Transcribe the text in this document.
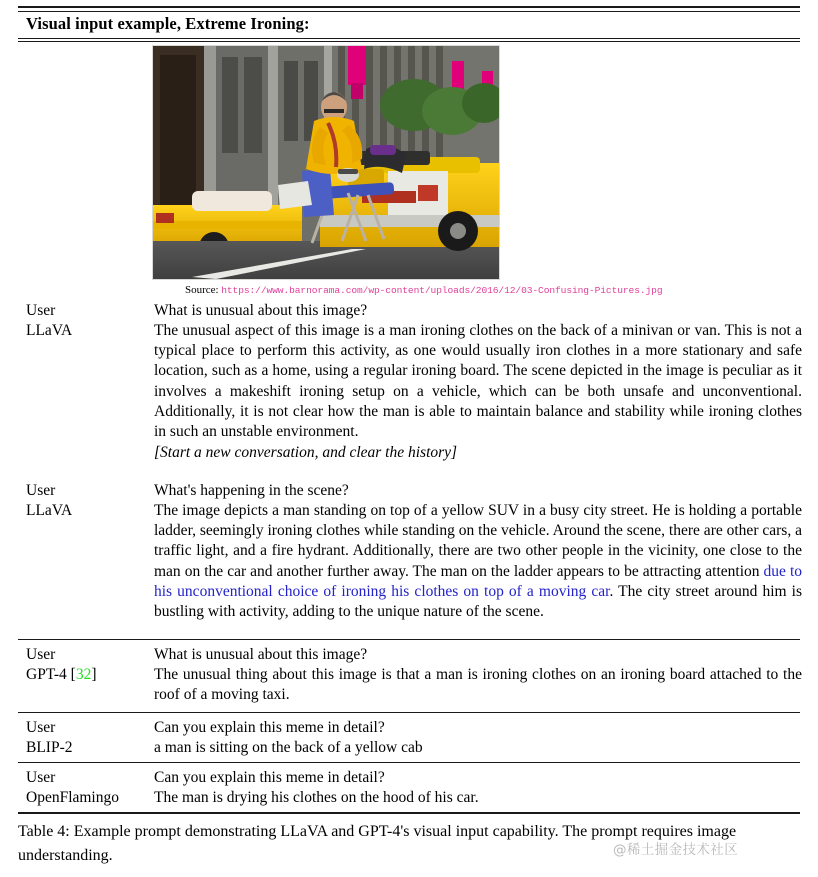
Visual input example, Extreme Ironing:
Source: https://www.barnorama.com/wp-content/uploads/2016/12/03-Confusing-Pictures.jpg
User	What is unusual about this image?
LLaVA	The unusual aspect of this image is a man ironing clothes on the back of a minivan or van. This is not a typical place to perform this activity, as one would usually iron clothes in a more stationary and safe location, such as a home, using a regular ironing board. The scene depicted in the image is peculiar as it involves a makeshift ironing setup on a vehicle, which can be both unsafe and unconventional. Additionally, it is not clear how the man is able to maintain balance and stability while ironing clothes in such an unstable environment.
[Start a new conversation, and clear the history]
User	What's happening in the scene?
LLaVA	The image depicts a man standing on top of a yellow SUV in a busy city street. He is holding a portable ladder, seemingly ironing clothes while standing on the vehicle. Around the scene, there are other cars, a traffic light, and a fire hydrant. Additionally, there are two other people in the vicinity, one close to the man on the car and another further away. The man on the ladder appears to be attracting attention due to his unconventional choice of ironing his clothes on top of a moving car. The city street around him is bustling with activity, adding to the unique nature of the scene.
User	What is unusual about this image?
GPT-4 [32]	The unusual thing about this image is that a man is ironing clothes on an ironing board attached to the roof of a moving taxi.
User	Can you explain this meme in detail?
BLIP-2	a man is sitting on the back of a yellow cab
User	Can you explain this meme in detail?
OpenFlamingo	The man is drying his clothes on the hood of his car.
Table 4: Example prompt demonstrating LLaVA and GPT-4's visual input capability. The prompt requires image understanding.	@稀土掘金技术社区
